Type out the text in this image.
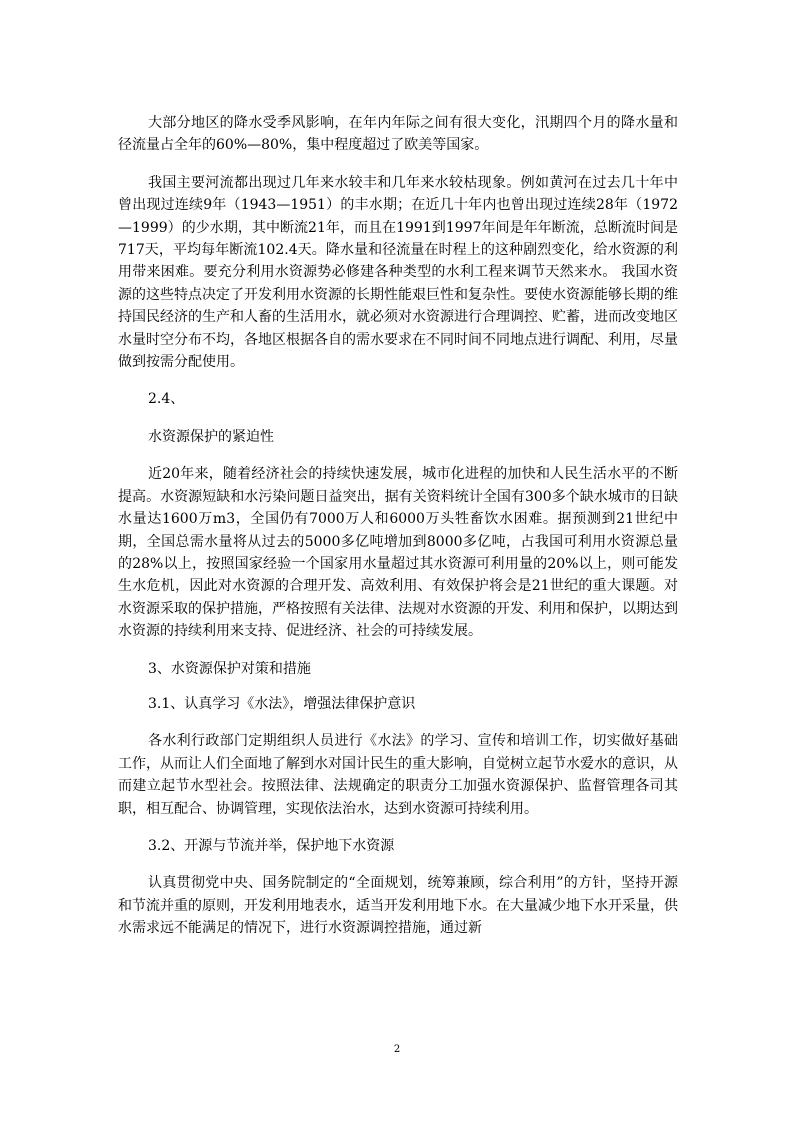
大部分地区的降水受季风影响，在年内年际之间有很大变化，汛期四个月的降水量和径流量占全年的60%—80%，集中程度超过了欧美等国家。

我国主要河流都出现过几年来水较丰和几年来水较枯现象。例如黄河在过去几十年中曾出现过连续9年（1943—1951）的丰水期；在近几十年内也曾出现过连续28年（1972—1999）的少水期，其中断流21年，而且在1991到1997年间是年年断流，总断流时间是717天，平均每年断流102.4天。降水量和径流量在时程上的这种剧烈变化，给水资源的利用带来困难。要充分利用水资源势必修建各种类型的水利工程来调节天然来水。 我国水资源的这些特点决定了开发利用水资源的长期性能艰巨性和复杂性。要使水资源能够长期的维持国民经济的生产和人畜的生活用水，就必须对水资源进行合理调控、贮蓄，进而改变地区水量时空分布不均，各地区根据各自的需水要求在不同时间不同地点进行调配、利用，尽量做到按需分配使用。

2.4、

水资源保护的紧迫性

近20年来，随着经济社会的持续快速发展，城市化进程的加快和人民生活水平的不断提高。水资源短缺和水污染问题日益突出，据有关资料统计全国有300多个缺水城市的日缺水量达1600万m3，全国仍有7000万人和6000万头牲畜饮水困难。据预测到21世纪中期，全国总需水量将从过去的5000多亿吨增加到8000多亿吨，占我国可利用水资源总量的28%以上，按照国家经验一个国家用水量超过其水资源可利用量的20%以上，则可能发生水危机，因此对水资源的合理开发、高效利用、有效保护将会是21世纪的重大课题。对水资源采取的保护措施，严格按照有关法律、法规对水资源的开发、利用和保护，以期达到水资源的持续利用来支持、促进经济、社会的可持续发展。

3、水资源保护对策和措施

3.1、认真学习《水法》，增强法律保护意识

各水利行政部门定期组织人员进行《水法》的学习、宣传和培训工作，切实做好基础工作，从而让人们全面地了解到水对国计民生的重大影响，自觉树立起节水爱水的意识，从而建立起节水型社会。按照法律、法规确定的职责分工加强水资源保护、监督管理各司其职，相互配合、协调管理，实现依法治水，达到水资源可持续利用。

3.2、开源与节流并举，保护地下水资源

认真贯彻党中央、国务院制定的“全面规划，统筹兼顾，综合利用”的方针，坚持开源和节流并重的原则，开发利用地表水，适当开发利用地下水。在大量减少地下水开采量，供水需求远不能满足的情况下，进行水资源调控措施，通过新

2
